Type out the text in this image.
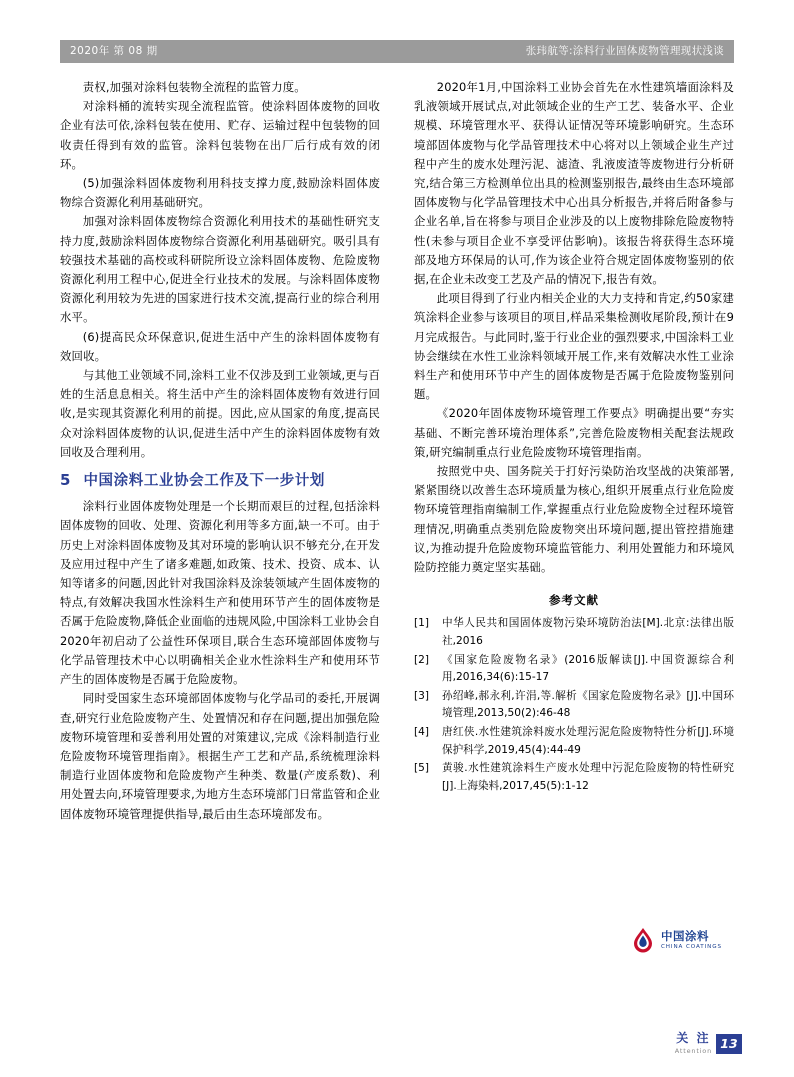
2020年 第 08 期	张玮航等:涂料行业固体废物管理现状浅谈

责权,加强对涂料包装物全流程的监管力度。

对涂料桶的流转实现全流程监管。使涂料固体废物的回收企业有法可依,涂料包装在使用、贮存、运输过程中包装物的回收责任得到有效的监管。涂料包装物在出厂后行成有效的闭环。

(5)加强涂料固体废物利用科技支撑力度,鼓励涂料固体废物综合资源化利用基础研究。

加强对涂料固体废物综合资源化利用技术的基础性研究支持力度,鼓励涂料固体废物综合资源化利用基础研究。吸引具有较强技术基础的高校或科研院所设立涂料固体废物、危险废物资源化利用工程中心,促进全行业技术的发展。与涂料固体废物资源化利用较为先进的国家进行技术交流,提高行业的综合利用水平。

(6)提高民众环保意识,促进生活中产生的涂料固体废物有效回收。

与其他工业领域不同,涂料工业不仅涉及到工业领域,更与百姓的生活息息相关。将生活中产生的涂料固体废物有效进行回收,是实现其资源化利用的前提。因此,应从国家的角度,提高民众对涂料固体废物的认识,促进生活中产生的涂料固体废物有效回收及合理利用。

5 中国涂料工业协会工作及下一步计划

涂料行业固体废物处理是一个长期而艰巨的过程,包括涂料固体废物的回收、处理、资源化利用等多方面,缺一不可。由于历史上对涂料固体废物及其对环境的影响认识不够充分,在开发及应用过程中产生了诸多难题,如政策、技术、投资、成本、认知等诸多的问题,因此针对我国涂料及涂装领域产生固体废物的特点,有效解决我国水性涂料生产和使用环节产生的固体废物是否属于危险废物,降低企业面临的违规风险,中国涂料工业协会自2020年初启动了公益性环保项目,联合生态环境部固体废物与化学品管理技术中心以明确相关企业水性涂料生产和使用环节产生的固体废物是否属于危险废物。

同时受国家生态环境部固体废物与化学品司的委托,开展调查,研究行业危险废物产生、处置情况和存在问题,提出加强危险废物环境管理和妥善利用处置的对策建议,完成《涂料制造行业危险废物环境管理指南》。根据生产工艺和产品,系统梳理涂料制造行业固体废物和危险废物产生种类、数量(产废系数)、利用处置去向,环境管理要求,为地方生态环境部门日常监管和企业固体废物环境管理提供指导,最后由生态环境部发布。

2020年1月,中国涂料工业协会首先在水性建筑墙面涂料及乳液领域开展试点,对此领域企业的生产工艺、装备水平、企业规模、环境管理水平、获得认证情况等环境影响研究。生态环境部固体废物与化学品管理技术中心将对以上领域企业生产过程中产生的废水处理污泥、滤渣、乳液废渣等废物进行分析研究,结合第三方检测单位出具的检测鉴别报告,最终由生态环境部固体废物与化学品管理技术中心出具分析报告,并将后附备参与企业名单,旨在将参与项目企业涉及的以上废物排除危险废物特性(未参与项目企业不享受评估影响)。该报告将获得生态环境部及地方环保局的认可,作为该企业符合规定固体废物鉴别的依据,在企业未改变工艺及产品的情况下,报告有效。

此项目得到了行业内相关企业的大力支持和肯定,约50家建筑涂料企业参与该项目的项目,样品采集检测收尾阶段,预计在9月完成报告。与此同时,鉴于行业企业的强烈要求,中国涂料工业协会继续在水性工业涂料领域开展工作,来有效解决水性工业涂料生产和使用环节中产生的固体废物是否属于危险废物鉴别问题。

《2020年固体废物环境管理工作要点》明确提出要“夯实基础、不断完善环境治理体系”,完善危险废物相关配套法规政策,研究编制重点行业危险废物环境管理指南。

按照党中央、国务院关于打好污染防治攻坚战的决策部署,紧紧围绕以改善生态环境质量为核心,组织开展重点行业危险废物环境管理指南编制工作,掌握重点行业危险废物全过程环境管理情况,明确重点类别危险废物突出环境问题,提出管控措施建议,为推动提升危险废物环境监管能力、利用处置能力和环境风险防控能力奠定坚实基础。

参考文献
[1]	中华人民共和国固体废物污染环境防治法[M].北京:法律出版社,2016
[2]	《国家危险废物名录》(2016版解读[J].中国资源综合利用,2016,34(6):15-17
[3]	孙绍峰,郝永利,许涓,等.解析《国家危险废物名录》[J].中国环境管理,2013,50(2):46-48
[4]	唐红侠.水性建筑涂料废水处理污泥危险废物特性分析[J].环境保护科学,2019,45(4):44-49
[5]	黄骏.水性建筑涂料生产废水处理中污泥危险废物的特性研究[J].上海染料,2017,45(5):1-12
中国涂料
CHINA COATINGS
关 注
Attention 13
